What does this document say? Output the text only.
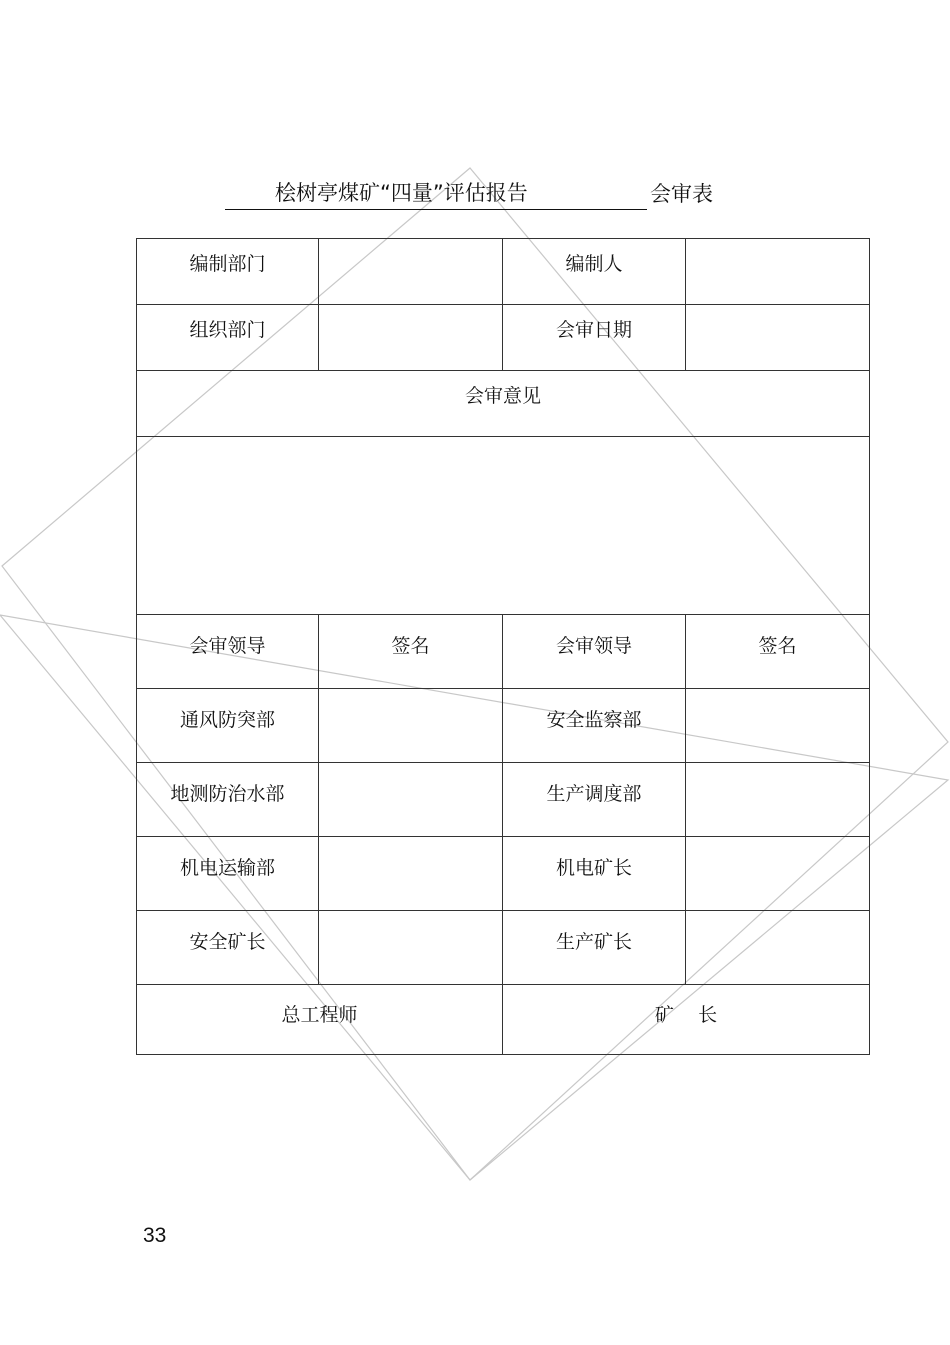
桧树亭煤矿“四量”评估报告	会审表
编制部门		编制人	
组织部门		会审日期	
会审意见			

会审领导	签名	会审领导	签名
通风防突部		安全监察部	
地测防治水部		生产调度部	
机电运输部		机电矿长	
安全矿长		生产矿长	
总工程师		矿    长	
33
